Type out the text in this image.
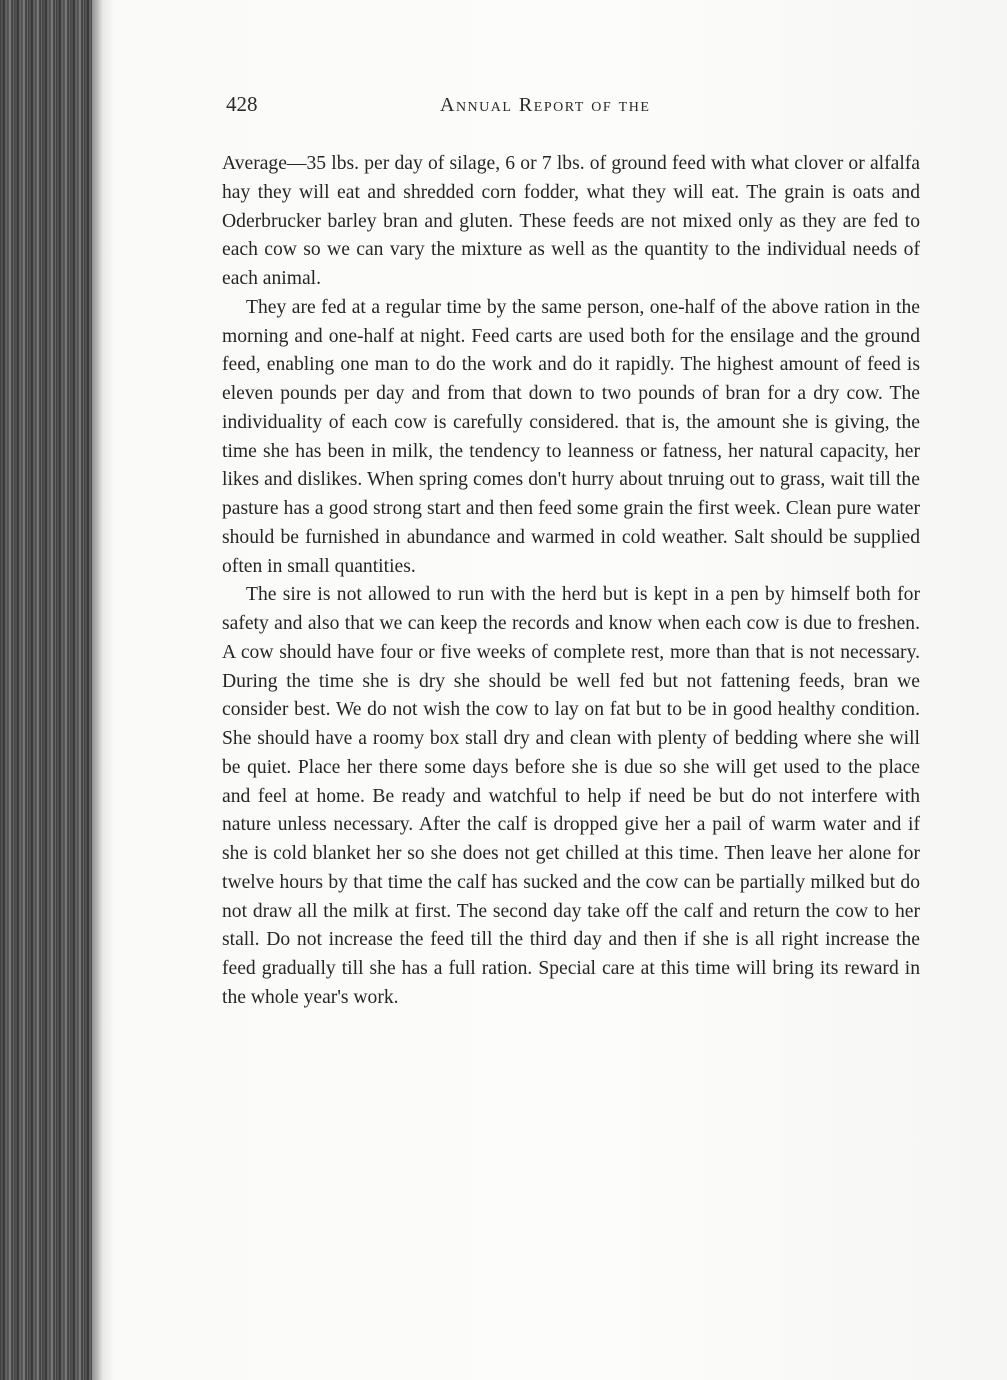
428	Annual Report of the

Average—35 lbs. per day of silage, 6 or 7 lbs. of ground feed with what clover or alfalfa hay they will eat and shredded corn fodder, what they will eat. The grain is oats and Oderbrucker barley bran and gluten. These feeds are not mixed only as they are fed to each cow so we can vary the mixture as well as the quantity to the individual needs of each animal.

They are fed at a regular time by the same person, one-half of the above ration in the morning and one-half at night. Feed carts are used both for the ensilage and the ground feed, enabling one man to do the work and do it rapidly. The highest amount of feed is eleven pounds per day and from that down to two pounds of bran for a dry cow. The individuality of each cow is carefully considered. that is, the amount she is giving, the time she has been in milk, the tendency to leanness or fatness, her natural capacity, her likes and dislikes. When spring comes don't hurry about tnruing out to grass, wait till the pasture has a good strong start and then feed some grain the first week. Clean pure water should be furnished in abundance and warmed in cold weather. Salt should be supplied often in small quantities.

The sire is not allowed to run with the herd but is kept in a pen by himself both for safety and also that we can keep the records and know when each cow is due to freshen. A cow should have four or five weeks of complete rest, more than that is not necessary. During the time she is dry she should be well fed but not fattening feeds, bran we consider best. We do not wish the cow to lay on fat but to be in good healthy condition. She should have a roomy box stall dry and clean with plenty of bedding where she will be quiet. Place her there some days before she is due so she will get used to the place and feel at home. Be ready and watchful to help if need be but do not interfere with nature unless necessary. After the calf is dropped give her a pail of warm water and if she is cold blanket her so she does not get chilled at this time. Then leave her alone for twelve hours by that time the calf has sucked and the cow can be partially milked but do not draw all the milk at first. The second day take off the calf and return the cow to her stall. Do not increase the feed till the third day and then if she is all right increase the feed gradually till she has a full ration. Special care at this time will bring its reward in the whole year's work.
